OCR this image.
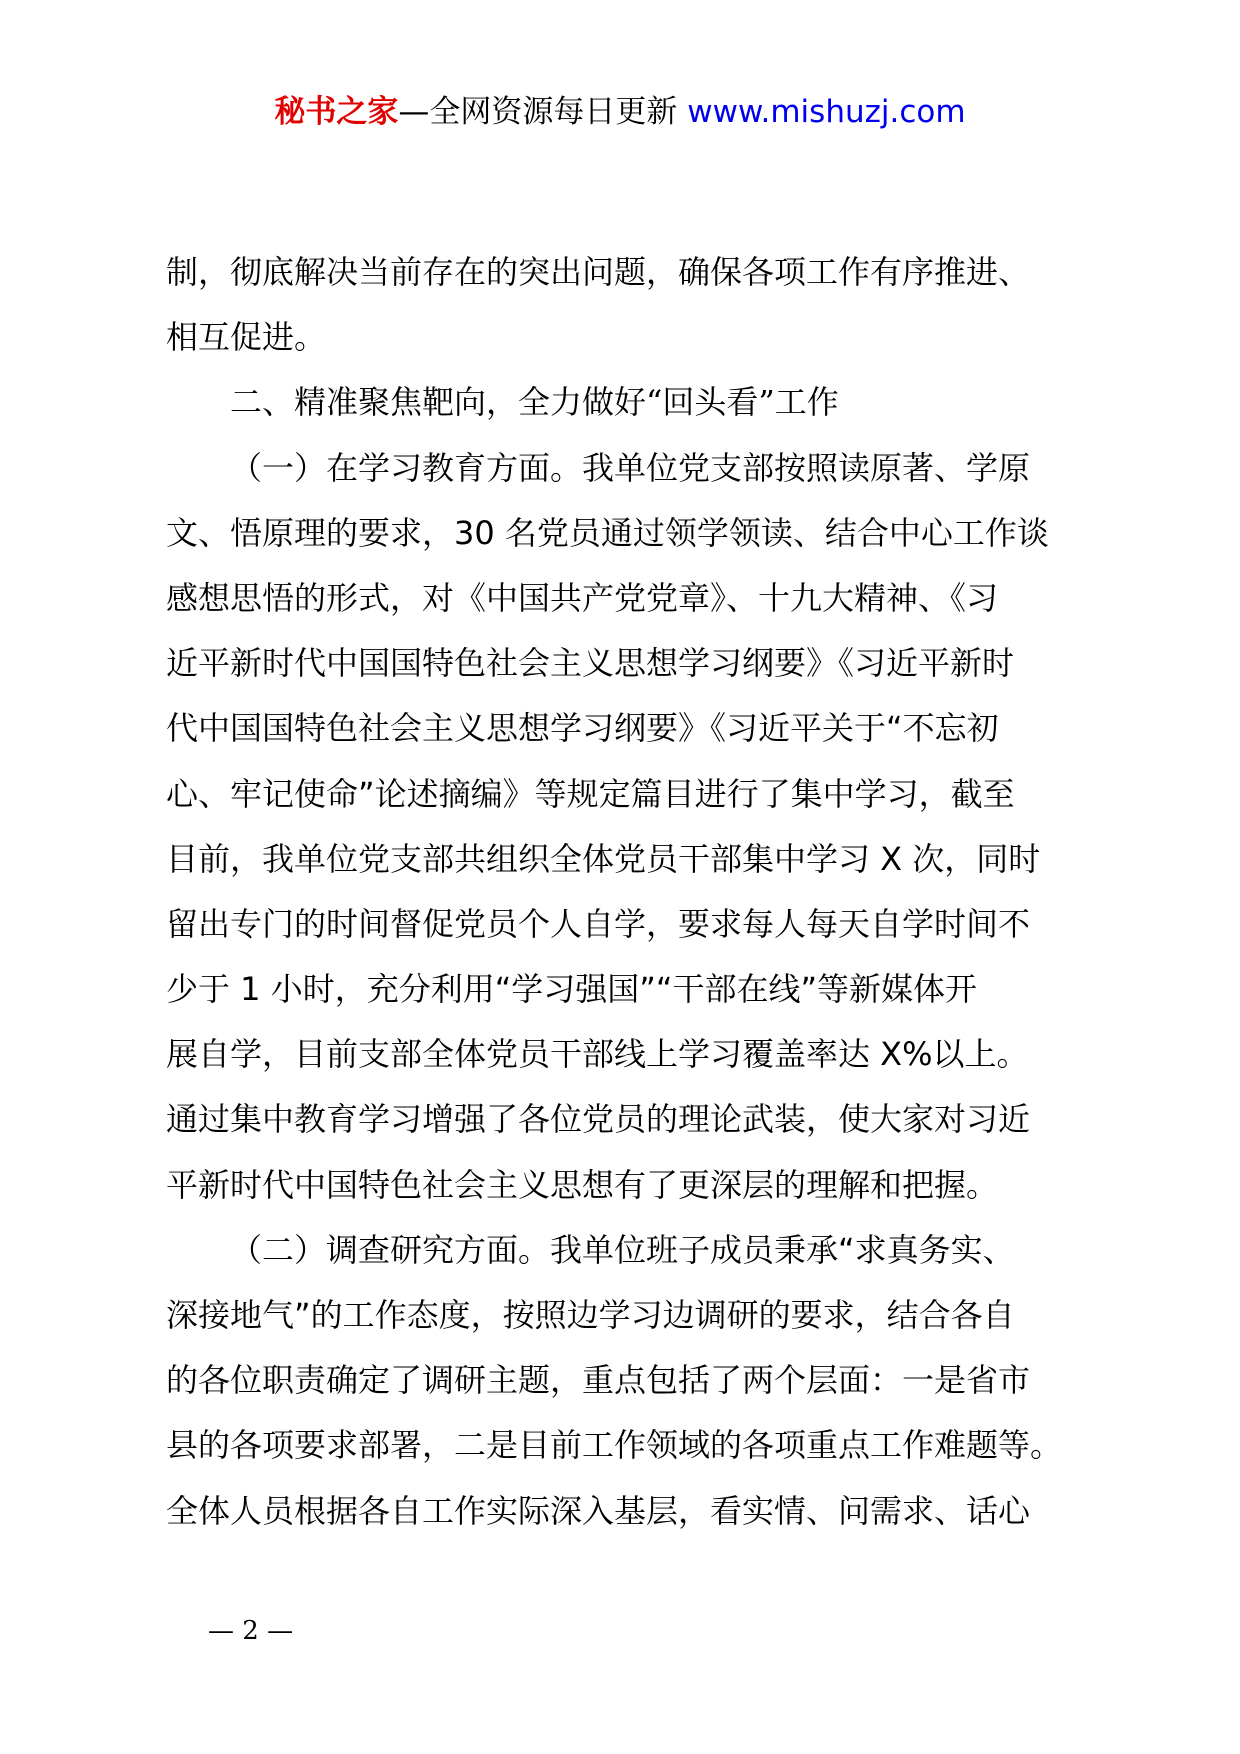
秘书之家—全网资源每日更新 www.mishuzj.com
制，彻底解决当前存在的突出问题，确保各项工作有序推进、
相互促进。
二、精准聚焦靶向，全力做好“回头看”工作
（一）在学习教育方面。我单位党支部按照读原著、学原
文、悟原理的要求，30 名党员通过领学领读、结合中心工作谈
感想思悟的形式，对《中国共产党党章》、十九大精神、《习
近平新时代中国国特色社会主义思想学习纲要》《习近平新时
代中国国特色社会主义思想学习纲要》《习近平关于“不忘初
心、牢记使命”论述摘编》等规定篇目进行了集中学习，截至
目前，我单位党支部共组织全体党员干部集中学习 X 次，同时
留出专门的时间督促党员个人自学，要求每人每天自学时间不
少于 1 小时，充分利用“学习强国”“干部在线”等新媒体开
展自学，目前支部全体党员干部线上学习覆盖率达 X%以上。
通过集中教育学习增强了各位党员的理论武装，使大家对习近
平新时代中国特色社会主义思想有了更深层的理解和把握。
（二）调查研究方面。我单位班子成员秉承“求真务实、
深接地气”的工作态度，按照边学习边调研的要求，结合各自
的各位职责确定了调研主题，重点包括了两个层面：一是省市
县的各项要求部署，二是目前工作领域的各项重点工作难题等。
全体人员根据各自工作实际深入基层，看实情、问需求、话心
— 2 —
